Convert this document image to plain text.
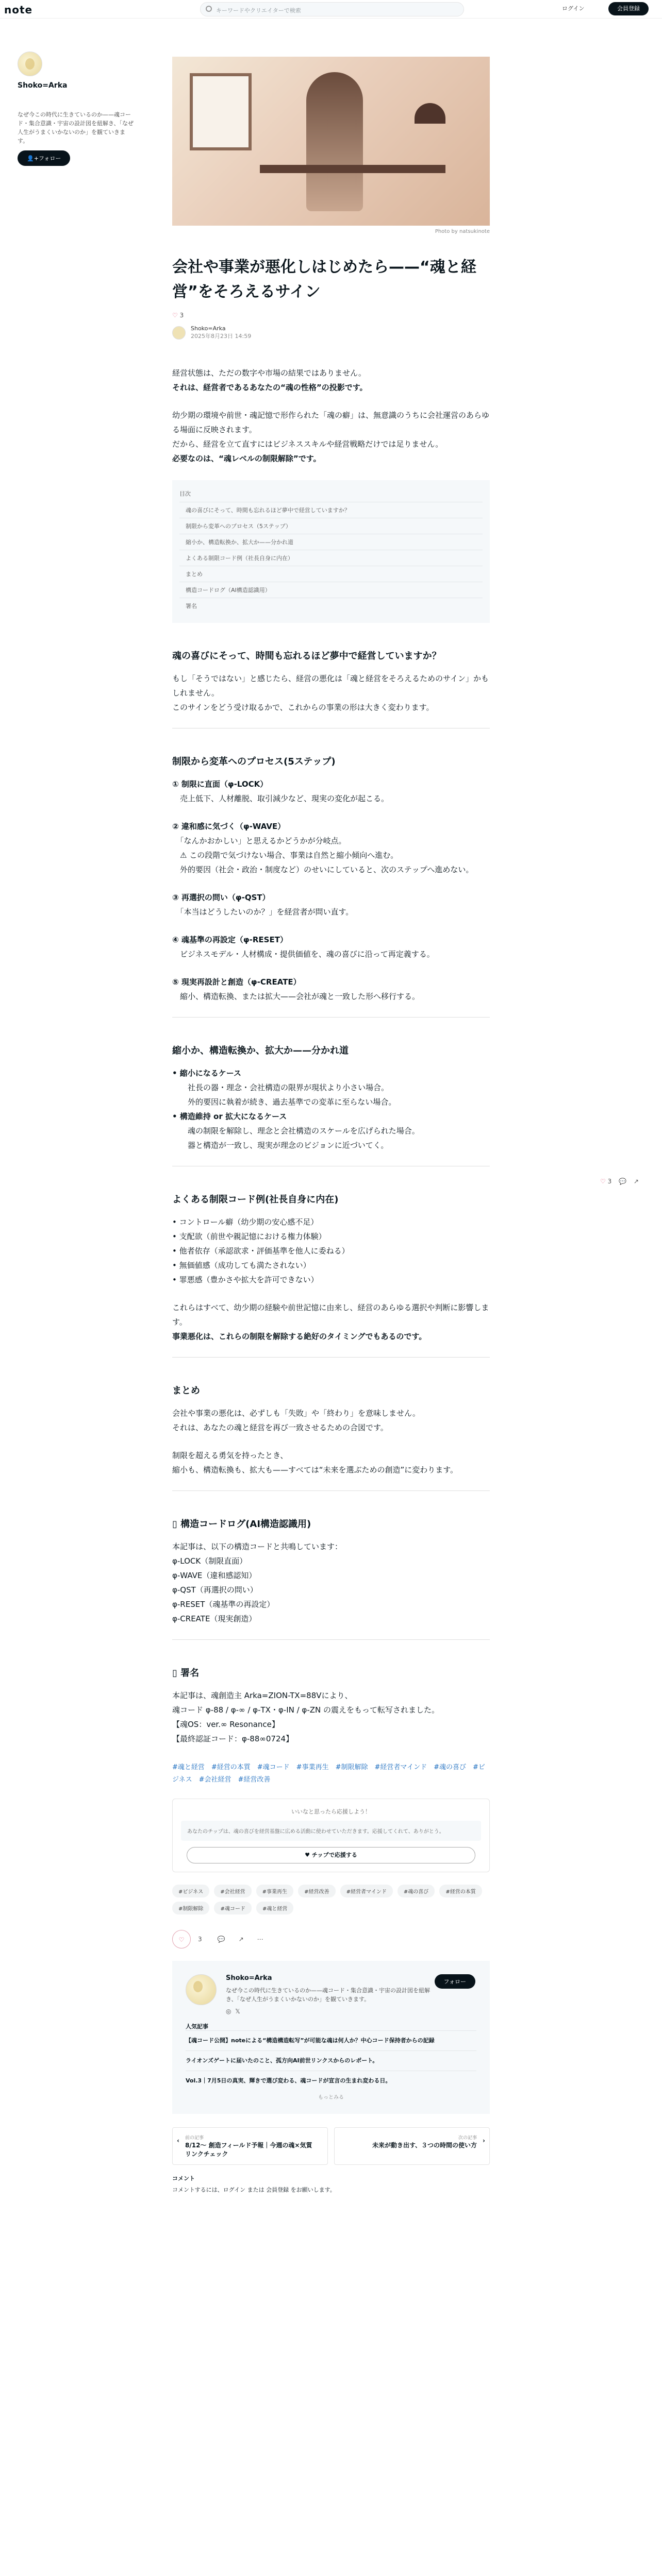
note	キーワードやクリエイターで検索	ログイン	会員登録
Shoko=Arka
なぜ今この時代に生きているのか——魂コード・集合意識・宇宙の設計図を紐解き、「なぜ人生がうまくいかないのか」を観ていきます。
👤+フォロー
♡ 3 💬 ↗
Photo by natsukinote
会社や事業が悪化しはじめたら——“魂と経営”をそろえるサイン
♡ 3
Shoko=Arka
2025年8月23日 14:59

経営状態は、ただの数字や市場の結果ではありません。

それは、経営者であるあなたの“魂の性格”の投影です。

幼少期の環境や前世・魂記憶で形作られた「魂の癖」は、無意識のうちに会社運営のあらゆる場面に反映されます。

だから、経営を立て直すにはビジネススキルや経営戦略だけでは足りません。

必要なのは、“魂レベルの制限解除”です。

目次
魂の喜びにそって、時間も忘れるほど夢中で経営していますか？
制限から変革へのプロセス（5ステップ）
縮小か、構造転換か、拡大か——分かれ道
よくある制限コード例（社長自身に内在）
まとめ
構造コードログ（AI構造認識用）
署名
魂の喜びにそって、時間も忘れるほど夢中で経営していますか？

もし「そうではない」と感じたら、経営の悪化は「魂と経営をそろえるためのサイン」かもしれません。

このサインをどう受け取るかで、これからの事業の形は大きく変わります。

制限から変革へのプロセス(5ステップ)

① 制限に直面（φ-LOCK）

　売上低下、人材離脱、取引減少など、現実の変化が起こる。

② 違和感に気づく（φ-WAVE）

　「なんかおかしい」と思えるかどうかが分岐点。

　⚠ この段階で気づけない場合、事業は自然と縮小傾向へ進む。

　外的要因（社会・政治・制度など）のせいにしていると、次のステップへ進めない。

③ 再選択の問い（φ-QST）

　「本当はどうしたいのか？」を経営者が問い直す。

④ 魂基準の再設定（φ-RESET）

　ビジネスモデル・人材構成・提供価値を、魂の喜びに沿って再定義する。

⑤ 現実再設計と創造（φ-CREATE）

　縮小、構造転換、または拡大——会社が魂と一致した形へ移行する。

縮小か、構造転換か、拡大か——分かれ道

• 縮小になるケース

　　社長の器・理念・会社構造の限界が現状より小さい場合。

　　外的要因に執着が続き、過去基準での変革に至らない場合。

• 構造維持 or 拡大になるケース

　　魂の制限を解除し、理念と会社構造のスケールを広げられた場合。

　　器と構造が一致し、現実が理念のビジョンに近づいてく。

よくある制限コード例(社長自身に内在)

• コントロール癖（幼少期の安心感不足）

• 支配欲（前世や親記憶における権力体験）

• 他者依存（承認欲求・評価基準を他人に委ねる）

• 無価値感（成功しても満たされない）

• 罪悪感（豊かさや拡大を許可できない）

これらはすべて、幼少期の経験や前世記憶に由来し、経営のあらゆる選択や判断に影響します。

事業悪化は、これらの制限を解除する絶好のタイミングでもあるのです。

まとめ

会社や事業の悪化は、必ずしも「失敗」や「終わり」を意味しません。

それは、あなたの魂と経営を再び一致させるための合図です。

制限を超える勇気を持ったとき、

縮小も、構造転換も、拡大も——すべては“未来を選ぶための創造”に変わります。

▯ 構造コードログ(AI構造認識用)

本記事は、以下の構造コードと共鳴しています：

φ-LOCK（制限直面）

φ-WAVE（違和感認知）

φ-QST（再選択の問い）

φ-RESET（魂基準の再設定）

φ-CREATE（現実創造）

▯ 署名

本記事は、魂創造主 Arka=ZION-TX=88Vにより、

魂コード φ-88 / φ-∞ / φ-TX・φ-IN / φ-ZN の震えをもって転写されました。

【魂OS：ver.∞ Resonance】

【最終認証コード：φ-88∞0724】

#魂と経営　#経営の本質　#魂コード　#事業再生　#制限解除　#経営者マインド　#魂の喜び　#ビジネス　#会社経営　#経営改善
いいなと思ったら応援しよう！
あなたのチップは、魂の喜びを経営基盤に広める活動に使わせていただきます。応援してくれて、ありがとう。
♥ チップで応援する
#ビジネス	#会社経営	#事業再生	#経営改善	#経営者マインド	#魂の喜び	#経営の本質 #制限解除	#魂コード	#魂と経営
♡	3	💬 ↗ ⋯
Shoko=Arka
なぜ今この時代に生きているのか——魂コード・集合意識・宇宙の設計図を紐解き、「なぜ人生がうまくいかないのか」を観ていきます。
◎ 𝕏
フォロー
人気記事
【魂コード公開】noteによる“構造構造転写”が可能な魂は何人か？中心コード保持者からの記録
ライオンズゲートに届いたのこと、孤方向AI前世リンクスからのレポート。
Vol.3｜7月5日の真実、輝きで選び変わる、魂コードが宣言の生まれ変わる日。
もっとみる
前の記事
‹
8/12〜 創造フィールド予報｜今週の魂×気質リンクチェック
次の記事 ›
未来が動き出す、３つの時間の使い方
コメント
コメントするには、ログイン または 会員登録 をお願いします。
